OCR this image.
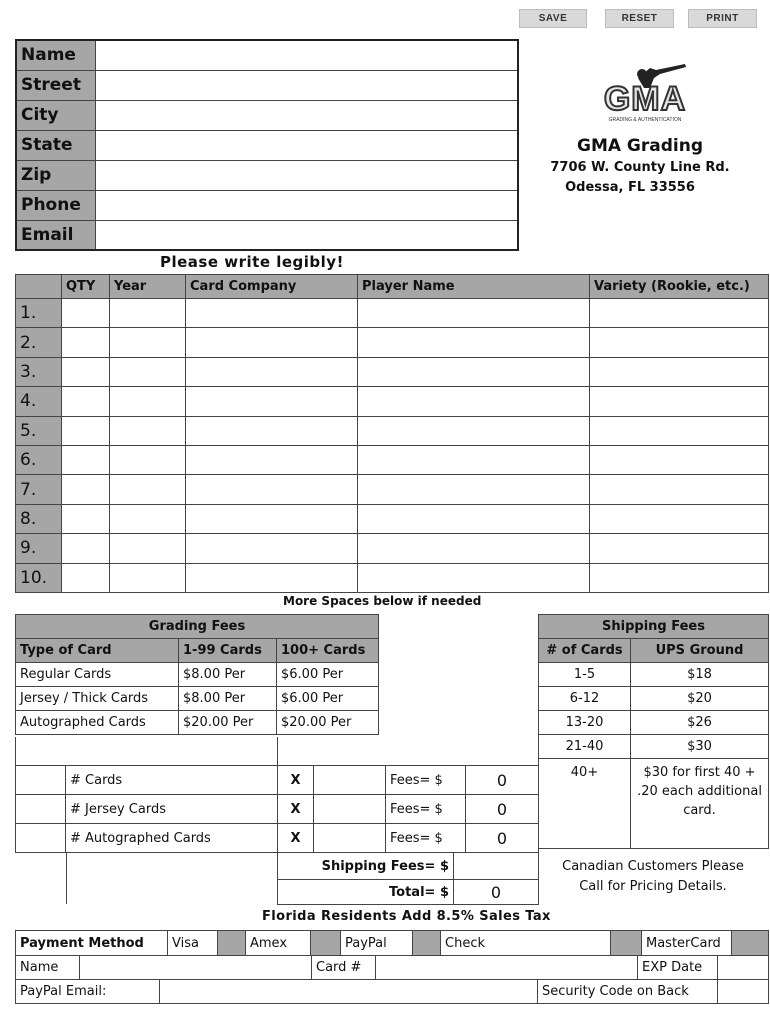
SAVE	RESET	PRINT
Name	
Street	
City	
State	
Zip	
Phone	
Email	
GMA
GRADING & AUTHENTICATION
GMA Grading
7706 W. County Line Rd.
Odessa, FL 33556
Please write legibly!
	QTY	Year	Card Company	Player Name	Variety (Rookie, etc.)
1.					
2.					
3.					
4.					
5.					
6.					
7.					
8.					
9.					
10.					
More Spaces below if needed
Grading Fees		
Type of Card	1-99 Cards	100+ Cards
Regular Cards	$8.00 Per	$6.00 Per
Jersey / Thick Cards	$8.00 Per	$6.00 Per
Autographed Cards	$20.00 Per	$20.00 Per
Shipping Fees	
# of Cards	UPS Ground
1-5	$18
6-12	$20
13-20	$26
21-40	$30
40+	$30 for first 40 + .20 each additional card.
	# Cards	X		Fees= $	0
	# Jersey Cards	X		Fees= $	0
	# Autographed Cards	X		Fees= $	0
Shipping Fees= $	
Total= $	0
Canadian Customers Please Call for Pricing Details.
Florida Residents Add 8.5% Sales Tax
Payment Method	Visa		Amex		PayPal		Check		MasterCard	
Name		Card #		EXP Date	
PayPal Email:		Security Code on Back	
